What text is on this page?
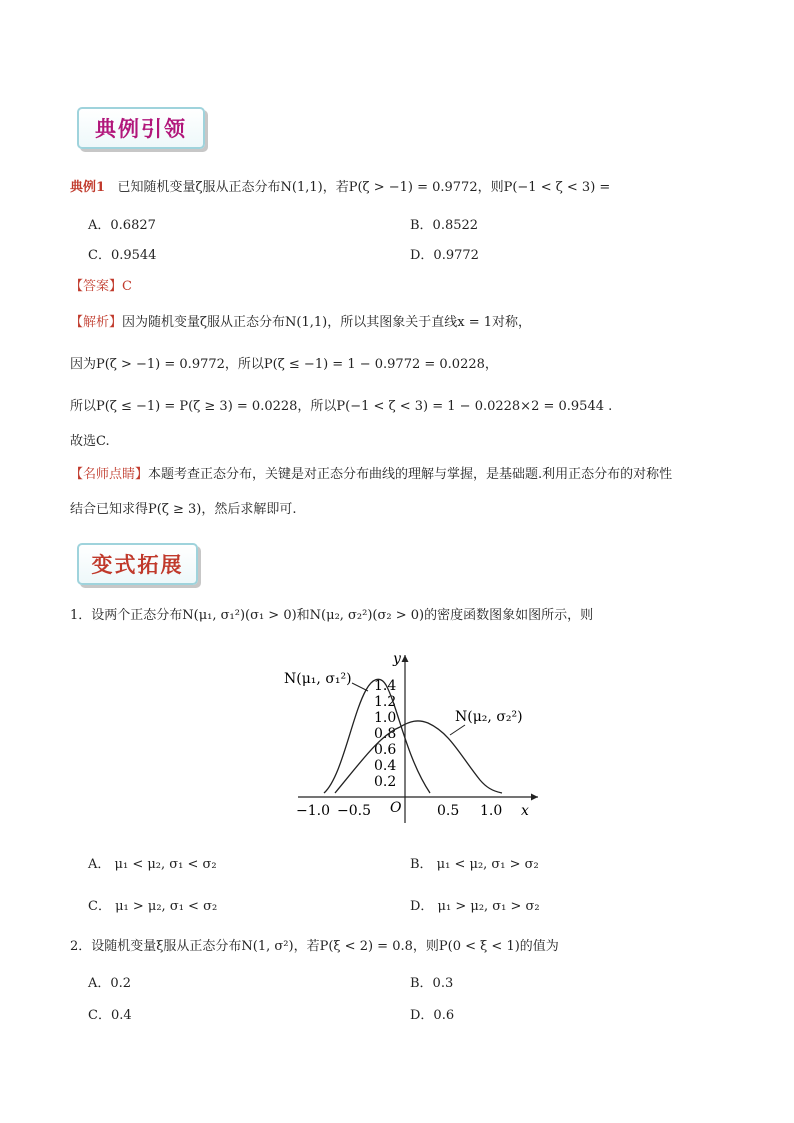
典例引领
典例1 已知随机变量ζ服从正态分布N(1,1)，若P(ζ > −1) = 0.9772，则P(−1 < ζ < 3) =
A．0.6827	B．0.8522
C．0.9544	D．0.9772
【答案】C
【解析】因为随机变量ζ服从正态分布N(1,1)，所以其图象关于直线x = 1对称，
因为P(ζ > −1) = 0.9772，所以P(ζ ≤ −1) = 1 − 0.9772 = 0.0228，
所以P(ζ ≤ −1) = P(ζ ≥ 3) = 0.0228，所以P(−1 < ζ < 3) = 1 − 0.0228×2 = 0.9544 .
故选C.
【名师点睛】本题考查正态分布，关键是对正态分布曲线的理解与掌握，是基础题.利用正态分布的对称性
结合已知求得P(ζ ≥ 3)，然后求解即可.
变式拓展
1．设两个正态分布N(μ₁, σ₁²)(σ₁ > 0)和N(μ₂, σ₂²)(σ₂ > 0)的密度函数图象如图所示，则
y
x
O
1.4
1.2
1.0
0.8
0.6
0.4
0.2
−1.0 −0.5	0.5 1.0
N(μ₁, σ₁²)
N(μ₂, σ₂²)
A． μ₁ < μ₂, σ₁ < σ₂	B． μ₁ < μ₂, σ₁ > σ₂
C． μ₁ > μ₂, σ₁ < σ₂	D． μ₁ > μ₂, σ₁ > σ₂
2．设随机变量ξ服从正态分布N(1, σ²)，若P(ξ < 2) = 0.8，则P(0 < ξ < 1)的值为
A．0.2	B．0.3
C．0.4	D．0.6
